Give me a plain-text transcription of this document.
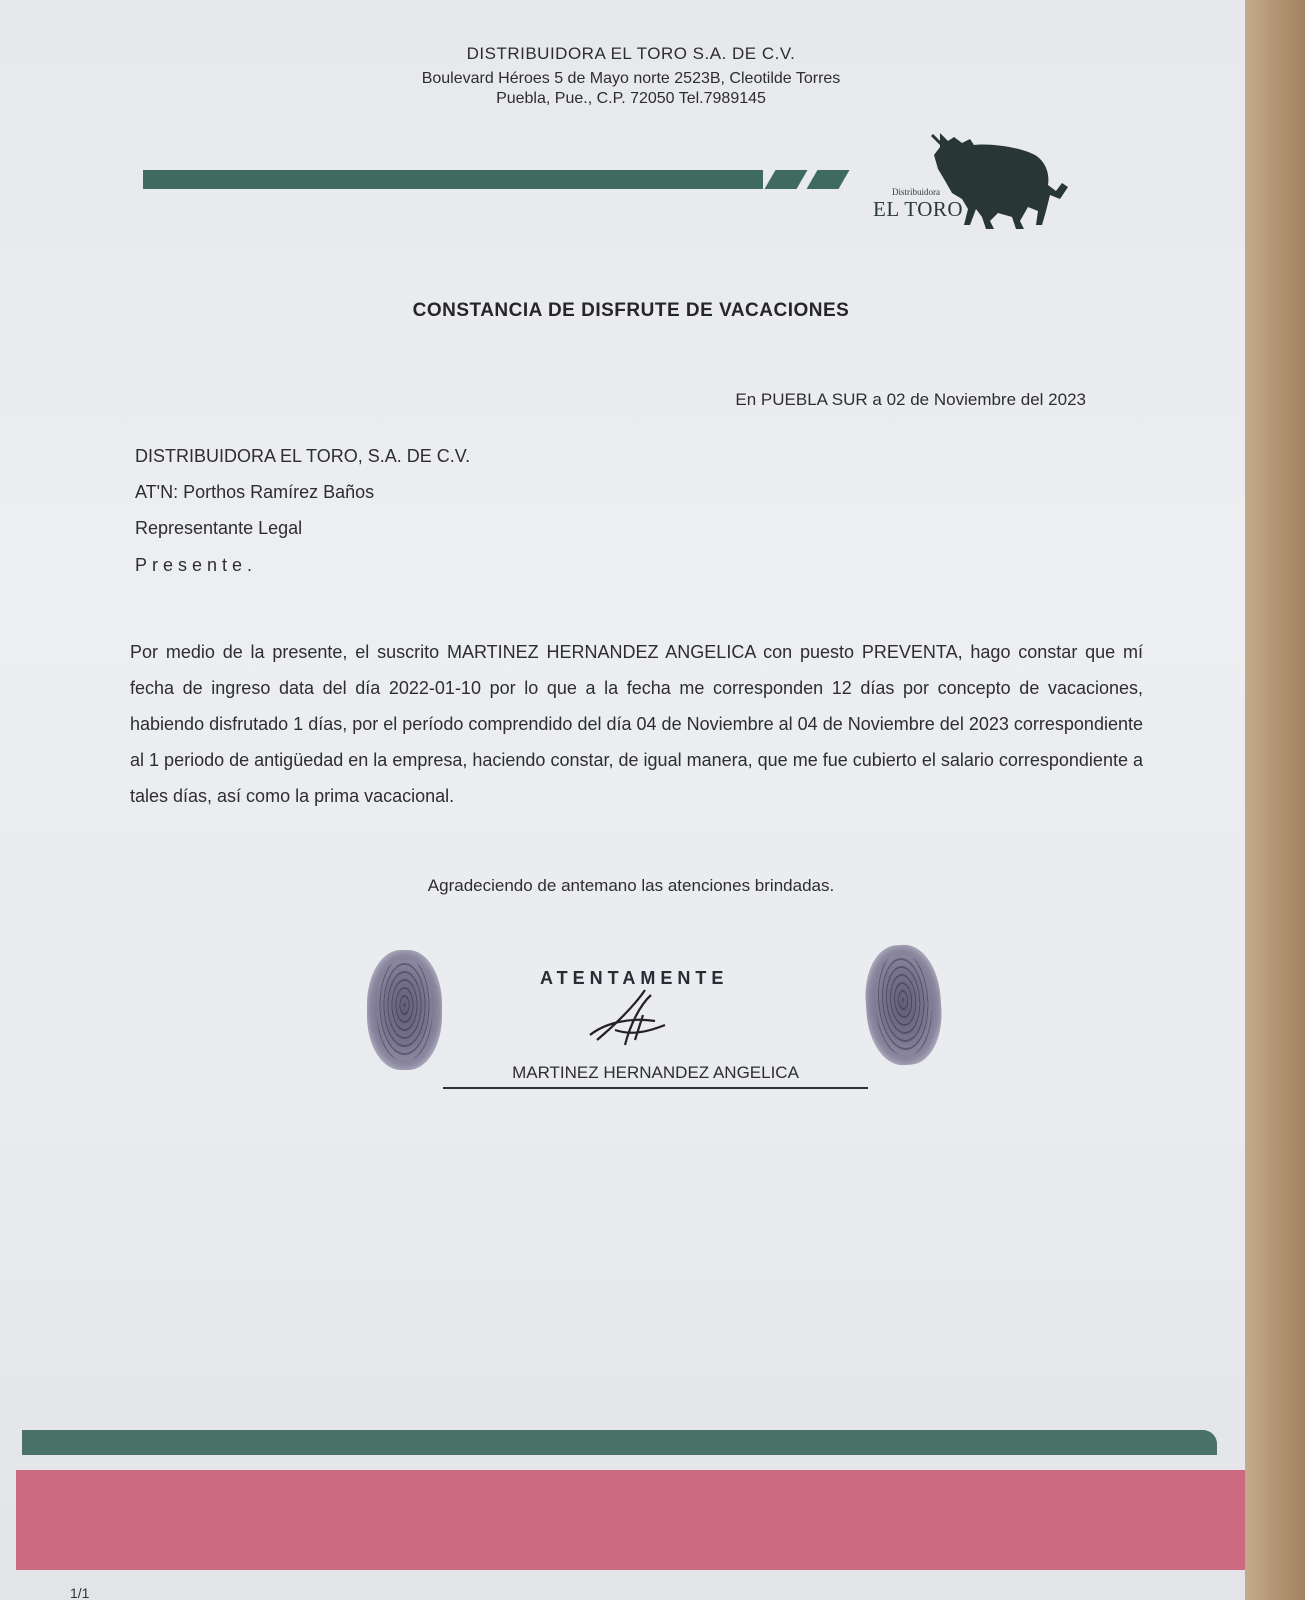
DISTRIBUIDORA EL TORO S.A. DE C.V.
Boulevard Héroes 5 de Mayo norte 2523B, Cleotilde Torres
Puebla, Pue., C.P. 72050 Tel.7989145
Distribuidora
EL TORO
CONSTANCIA DE DISFRUTE DE VACACIONES
En PUEBLA SUR a 02 de Noviembre del 2023
DISTRIBUIDORA EL TORO, S.A. DE C.V.
AT'N: Porthos Ramírez Baños
Representante Legal
Presente.
Por medio de la presente, el suscrito MARTINEZ HERNANDEZ ANGELICA con puesto PREVENTA, hago constar que mí fecha de ingreso data del día 2022-01-10 por lo que a la fecha me corresponden 12 días por concepto de vacaciones, habiendo disfrutado 1 días, por el período comprendido del día 04 de Noviembre al 04 de Noviembre del 2023 correspondiente al 1 periodo de antigüedad en la empresa, haciendo constar, de igual manera, que me fue cubierto el salario correspondiente a tales días, así como la prima vacacional.
Agradeciendo de antemano las atenciones brindadas.
ATENTAMENTE
MARTINEZ HERNANDEZ ANGELICA
1/1
